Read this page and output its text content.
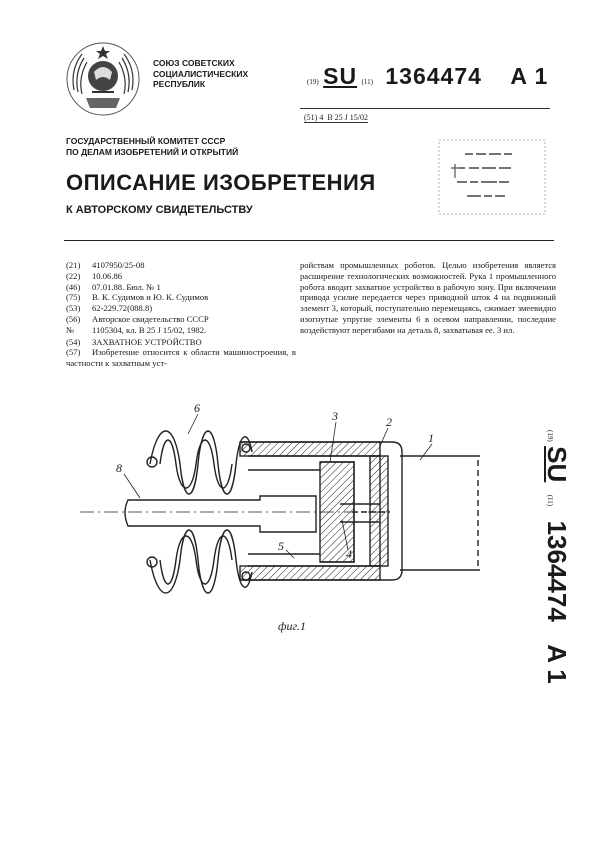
СОЮЗ СОВЕТСКИХ
СОЦИАЛИСТИЧЕСКИХ
РЕСПУБЛИК	(19) SU (11) 1364474 A 1
(51) 4 B 25 J 15/02
ГОСУДАРСТВЕННЫЙ КОМИТЕТ СССР
ПО ДЕЛАМ ИЗОБРЕТЕНИЙ И ОТКРЫТИЙ
ОПИСАНИЕ ИЗОБРЕТЕНИЯ
К АВТОРСКОМУ СВИДЕТЕЛЬСТВУ
(21) 4107950/25-08
(22) 10.06.86
(46) 07.01.88. Бюл. № 1
(75) В. К. Судимов и Ю. К. Судимов
(53) 62-229.72(088.8)
(56) Авторское свидетельство СССР
№ 1105304, кл. B 25 J 15/02, 1982.
(54) ЗАХВАТНОЕ УСТРОЙСТВО
(57) Изобретение относится к области машиностроения, в частности к захватным уст-
ройствам промышленных роботов. Целью изобретения является расширение технологических возможностей. Рука 1 промышленного робота вводит захватное устройство в рабочую зону. При включении привода усилие передается через приводной шток 4 на подвижный элемент 3, который, поступательно перемещаясь, сжимает змеевидно изогнутые упругие элементы 6 в осевом направлении, последние воздействуют перегибами на деталь 8, захватывая ее. 3 ил.
1
2
3
4
5
6
8
фиг.1
(19) SU (11) 1364474 A 1
